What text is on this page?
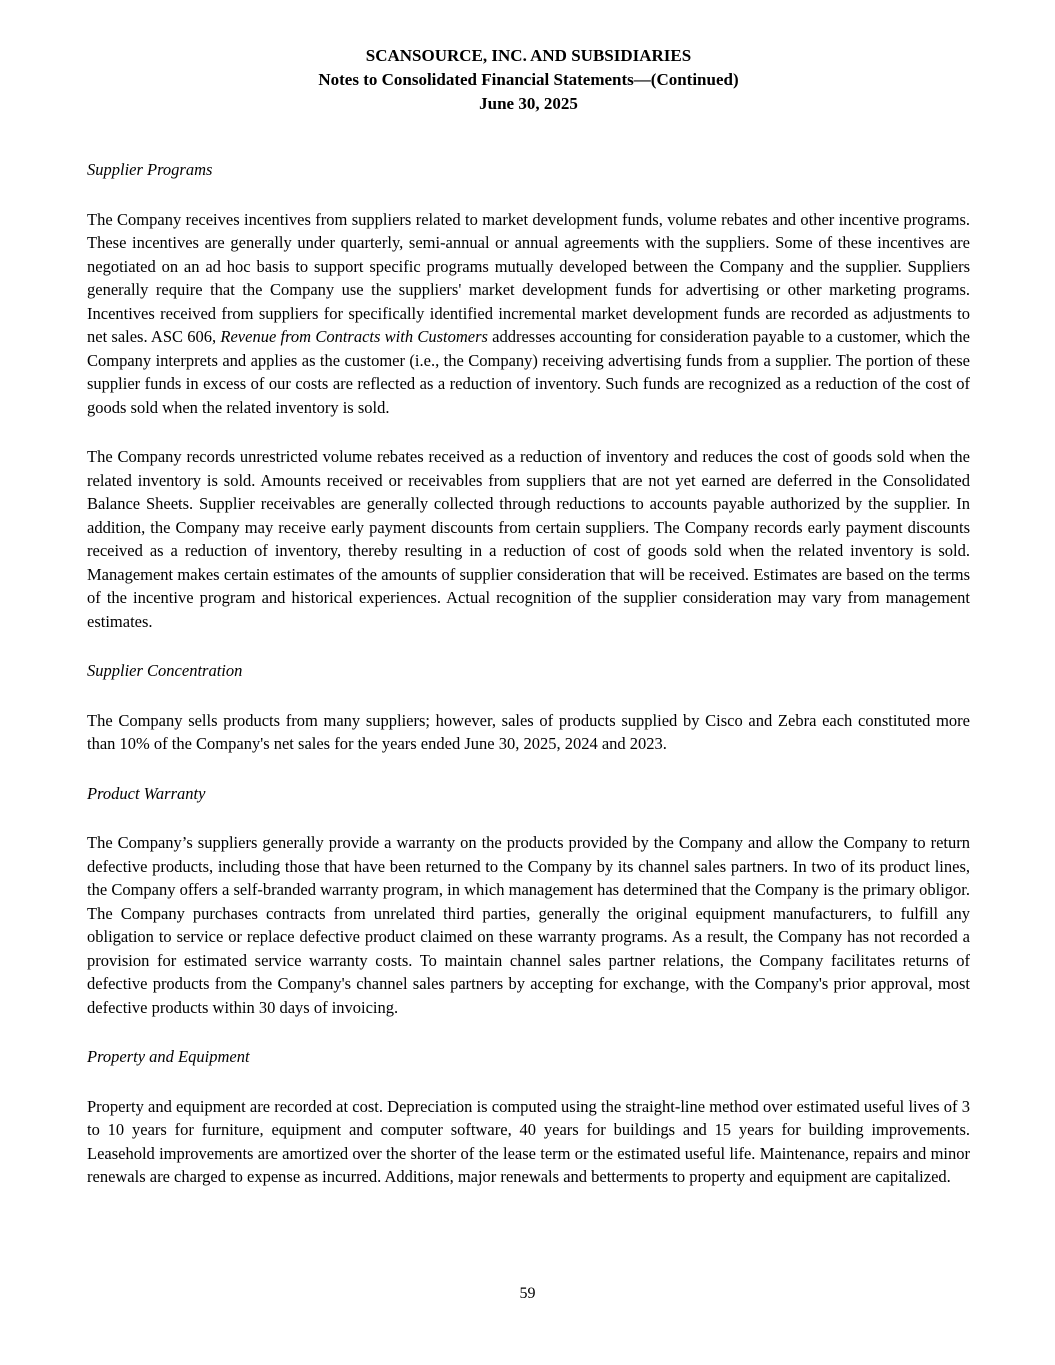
SCANSOURCE, INC. AND SUBSIDIARIES
Notes to Consolidated Financial Statements—(Continued)
June 30, 2025
Supplier Programs

The Company receives incentives from suppliers related to market development funds, volume rebates and other incentive programs. These incentives are generally under quarterly, semi-annual or annual agreements with the suppliers. Some of these incentives are negotiated on an ad hoc basis to support specific programs mutually developed between the Company and the supplier. Suppliers generally require that the Company use the suppliers' market development funds for advertising or other marketing programs. Incentives received from suppliers for specifically identified incremental market development funds are recorded as adjustments to net sales. ASC 606, Revenue from Contracts with Customers addresses accounting for consideration payable to a customer, which the Company interprets and applies as the customer (i.e., the Company) receiving advertising funds from a supplier. The portion of these supplier funds in excess of our costs are reflected as a reduction of inventory. Such funds are recognized as a reduction of the cost of goods sold when the related inventory is sold.

The Company records unrestricted volume rebates received as a reduction of inventory and reduces the cost of goods sold when the related inventory is sold. Amounts received or receivables from suppliers that are not yet earned are deferred in the Consolidated Balance Sheets. Supplier receivables are generally collected through reductions to accounts payable authorized by the supplier. In addition, the Company may receive early payment discounts from certain suppliers. The Company records early payment discounts received as a reduction of inventory, thereby resulting in a reduction of cost of goods sold when the related inventory is sold. Management makes certain estimates of the amounts of supplier consideration that will be received. Estimates are based on the terms of the incentive program and historical experiences. Actual recognition of the supplier consideration may vary from management estimates.

Supplier Concentration

The Company sells products from many suppliers; however, sales of products supplied by Cisco and Zebra each constituted more than 10% of the Company's net sales for the years ended June 30, 2025, 2024 and 2023.

Product Warranty

The Company’s suppliers generally provide a warranty on the products provided by the Company and allow the Company to return defective products, including those that have been returned to the Company by its channel sales partners. In two of its product lines, the Company offers a self-branded warranty program, in which management has determined that the Company is the primary obligor. The Company purchases contracts from unrelated third parties, generally the original equipment manufacturers, to fulfill any obligation to service or replace defective product claimed on these warranty programs. As a result, the Company has not recorded a provision for estimated service warranty costs. To maintain channel sales partner relations, the Company facilitates returns of defective products from the Company's channel sales partners by accepting for exchange, with the Company's prior approval, most defective products within 30 days of invoicing.

Property and Equipment

Property and equipment are recorded at cost. Depreciation is computed using the straight-line method over estimated useful lives of 3 to 10 years for furniture, equipment and computer software, 40 years for buildings and 15 years for building improvements. Leasehold improvements are amortized over the shorter of the lease term or the estimated useful life. Maintenance, repairs and minor renewals are charged to expense as incurred. Additions, major renewals and betterments to property and equipment are capitalized.

59
